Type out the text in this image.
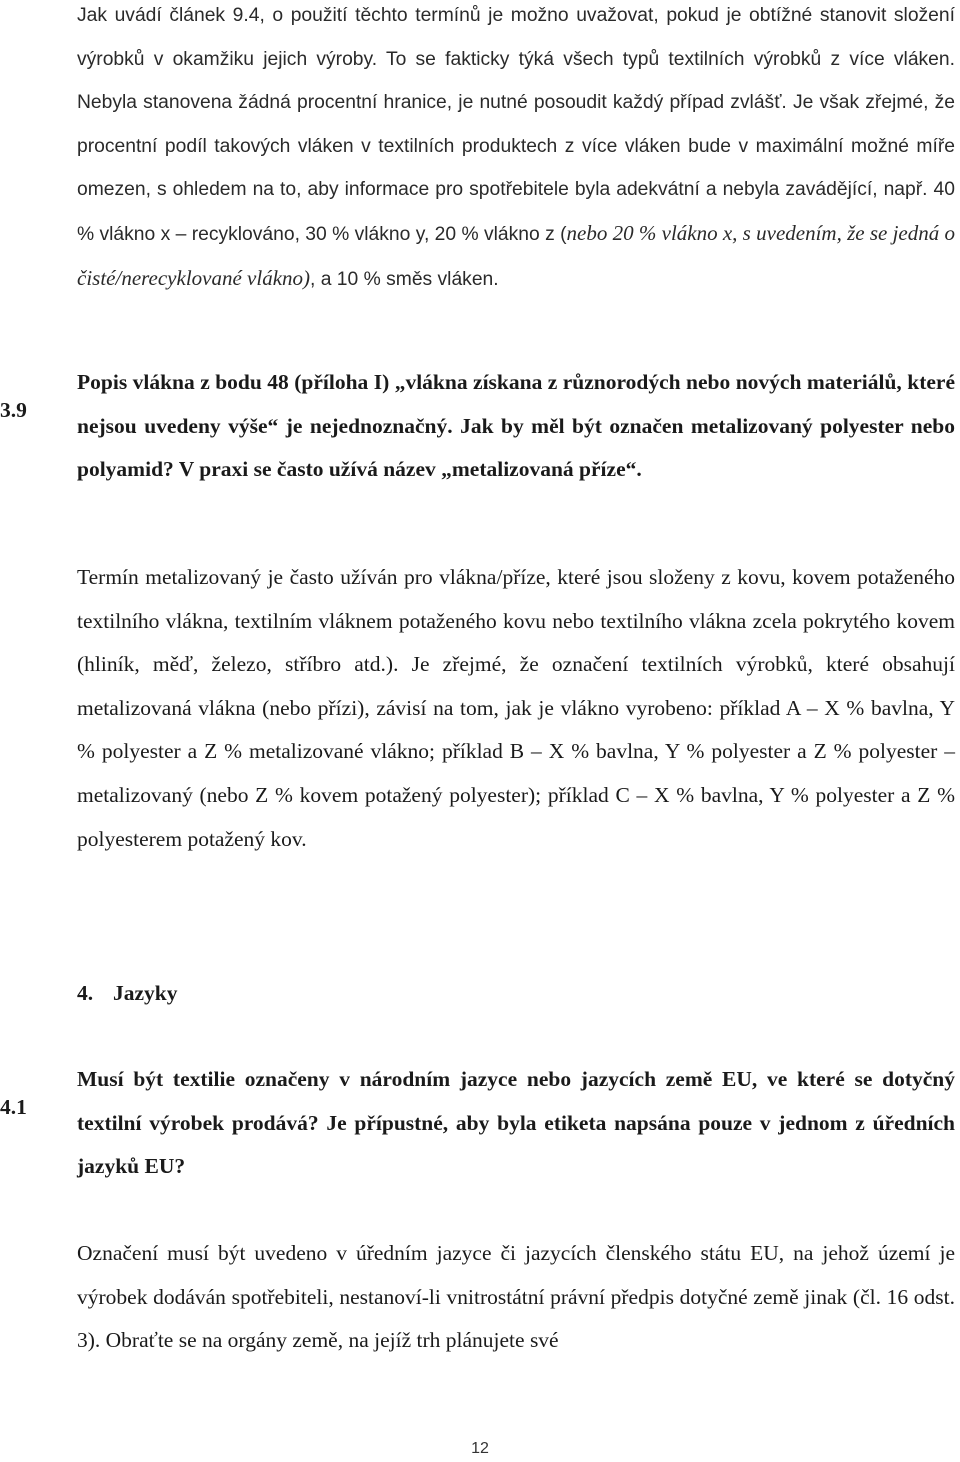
Jak uvádí článek 9.4, o použití těchto termínů je možno uvažovat, pokud je obtížné stanovit složení výrobků v okamžiku jejich výroby. To se fakticky týká všech typů textilních výrobků z více vláken. Nebyla stanovena žádná procentní hranice, je nutné posoudit každý případ zvlášť. Je však zřejmé, že procentní podíl takových vláken v textilních produktech z více vláken bude v maximální možné míře omezen, s ohledem na to, aby informace pro spotřebitele byla adekvátní a nebyla zavádějící, např. 40 % vlákno x – recyklováno, 30 % vlákno y, 20 % vlákno z (nebo 20 % vlákno x, s uvedením, že se jedná o čisté/nerecyklované vlákno), a 10 % směs vláken.
3.9
Popis vlákna z bodu 48 (příloha I) „vlákna získana z různorodých nebo nových materiálů, které nejsou uvedeny výše“ je nejednoznačný. Jak by měl být označen metalizovaný polyester nebo polyamid? V praxi se často užívá název „metalizovaná příze“.
Termín metalizovaný je často užíván pro vlákna/příze, které jsou složeny z kovu, kovem potaženého textilního vlákna, textilním vláknem potaženého kovu nebo textilního vlákna zcela pokrytého kovem (hliník, měď, železo, stříbro atd.). Je zřejmé, že označení textilních výrobků, které obsahují metalizovaná vlákna (nebo přízi), závisí na tom, jak je vlákno vyrobeno: příklad A – X % bavlna, Y % polyester a Z % metalizované vlákno; příklad B – X % bavlna, Y % polyester a Z % polyester – metalizovaný (nebo Z % kovem potažený polyester); příklad C – X % bavlna, Y % polyester a Z % polyesterem potažený kov.
4. Jazyky
4.1
Musí být textilie označeny v národním jazyce nebo jazycích země EU, ve které se dotyčný textilní výrobek prodává? Je přípustné, aby byla etiketa napsána pouze v jednom z úředních jazyků EU?
Označení musí být uvedeno v úředním jazyce či jazycích členského státu EU, na jehož území je výrobek dodáván spotřebiteli, nestanoví-li vnitrostátní právní předpis dotyčné země jinak (čl. 16 odst. 3). Obraťte se na orgány země, na jejíž trh plánujete své
12
